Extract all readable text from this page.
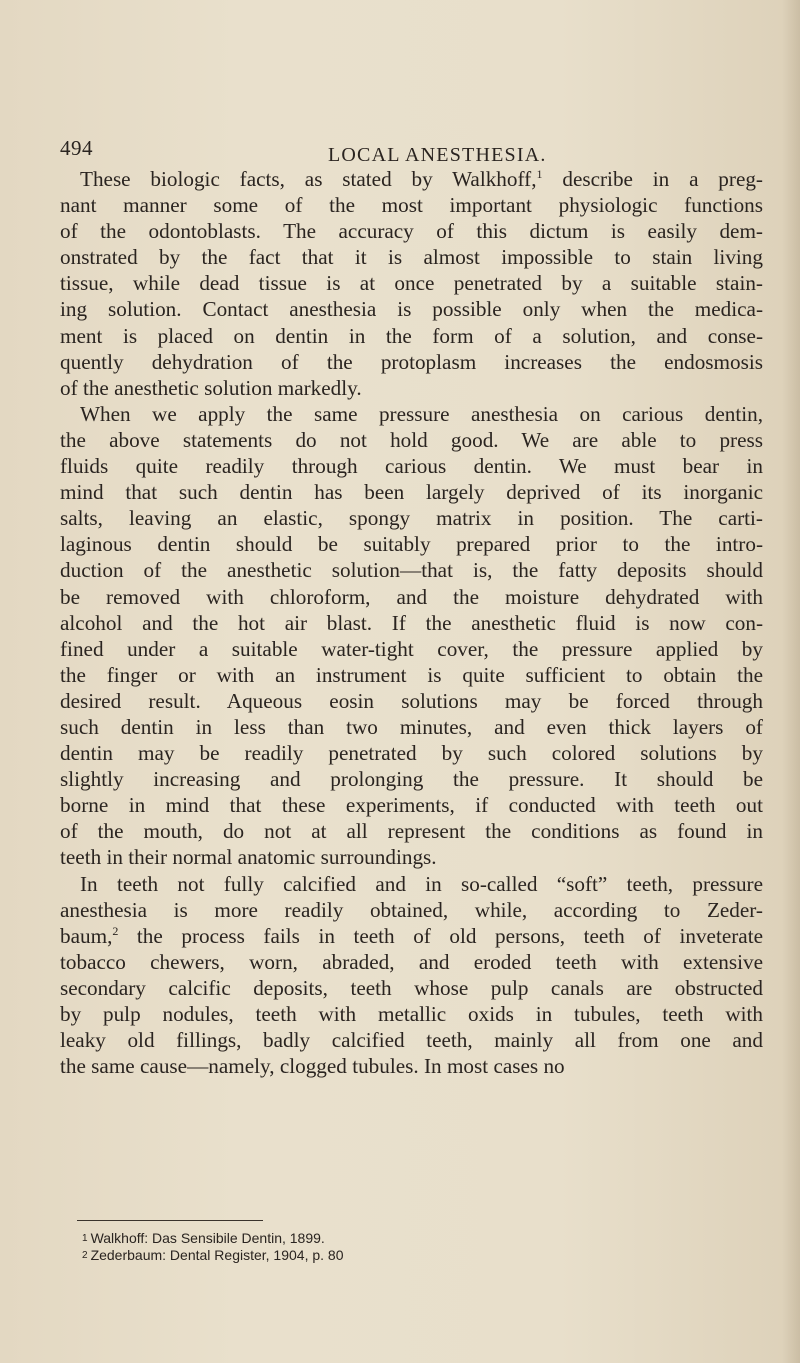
494	LOCAL ANESTHESIA.

These biologic facts, as stated by Walkhoff,$^1$ describe in a preg-
nant manner some of the most important physiologic functions
of the odontoblasts. The accuracy of this dictum is easily dem-
onstrated by the fact that it is almost impossible to stain living
tissue, while dead tissue is at once penetrated by a suitable stain-
ing solution. Contact anesthesia is possible only when the medica-
ment is placed on dentin in the form of a solution, and conse-
quently dehydration of the protoplasm increases the endosmosis
of the anesthetic solution markedly.

When we apply the same pressure anesthesia on carious dentin,
the above statements do not hold good. We are able to press
fluids quite readily through carious dentin. We must bear in
mind that such dentin has been largely deprived of its inorganic
salts, leaving an elastic, spongy matrix in position. The carti-
laginous dentin should be suitably prepared prior to the intro-
duction of the anesthetic solution—that is, the fatty deposits should
be removed with chloroform, and the moisture dehydrated with
alcohol and the hot air blast. If the anesthetic fluid is now con-
fined under a suitable water-tight cover, the pressure applied by
the finger or with an instrument is quite sufficient to obtain the
desired result. Aqueous eosin solutions may be forced through
such dentin in less than two minutes, and even thick layers of
dentin may be readily penetrated by such colored solutions by
slightly increasing and prolonging the pressure. It should be
borne in mind that these experiments, if conducted with teeth out
of the mouth, do not at all represent the conditions as found in
teeth in their normal anatomic surroundings.

In teeth not fully calcified and in so-called “soft” teeth, pressure
anesthesia is more readily obtained, while, according to Zeder-
baum,$^2$ the process fails in teeth of old persons, teeth of inveterate
tobacco chewers, worn, abraded, and eroded teeth with extensive
secondary calcific deposits, teeth whose pulp canals are obstructed
by pulp nodules, teeth with metallic oxids in tubules, teeth with
leaky old fillings, badly calcified teeth, mainly all from one and
the same cause—namely, clogged tubules. In most cases no

1 Walkhoff: Das Sensibile Dentin, 1899.
2 Zederbaum: Dental Register, 1904, p. 80
